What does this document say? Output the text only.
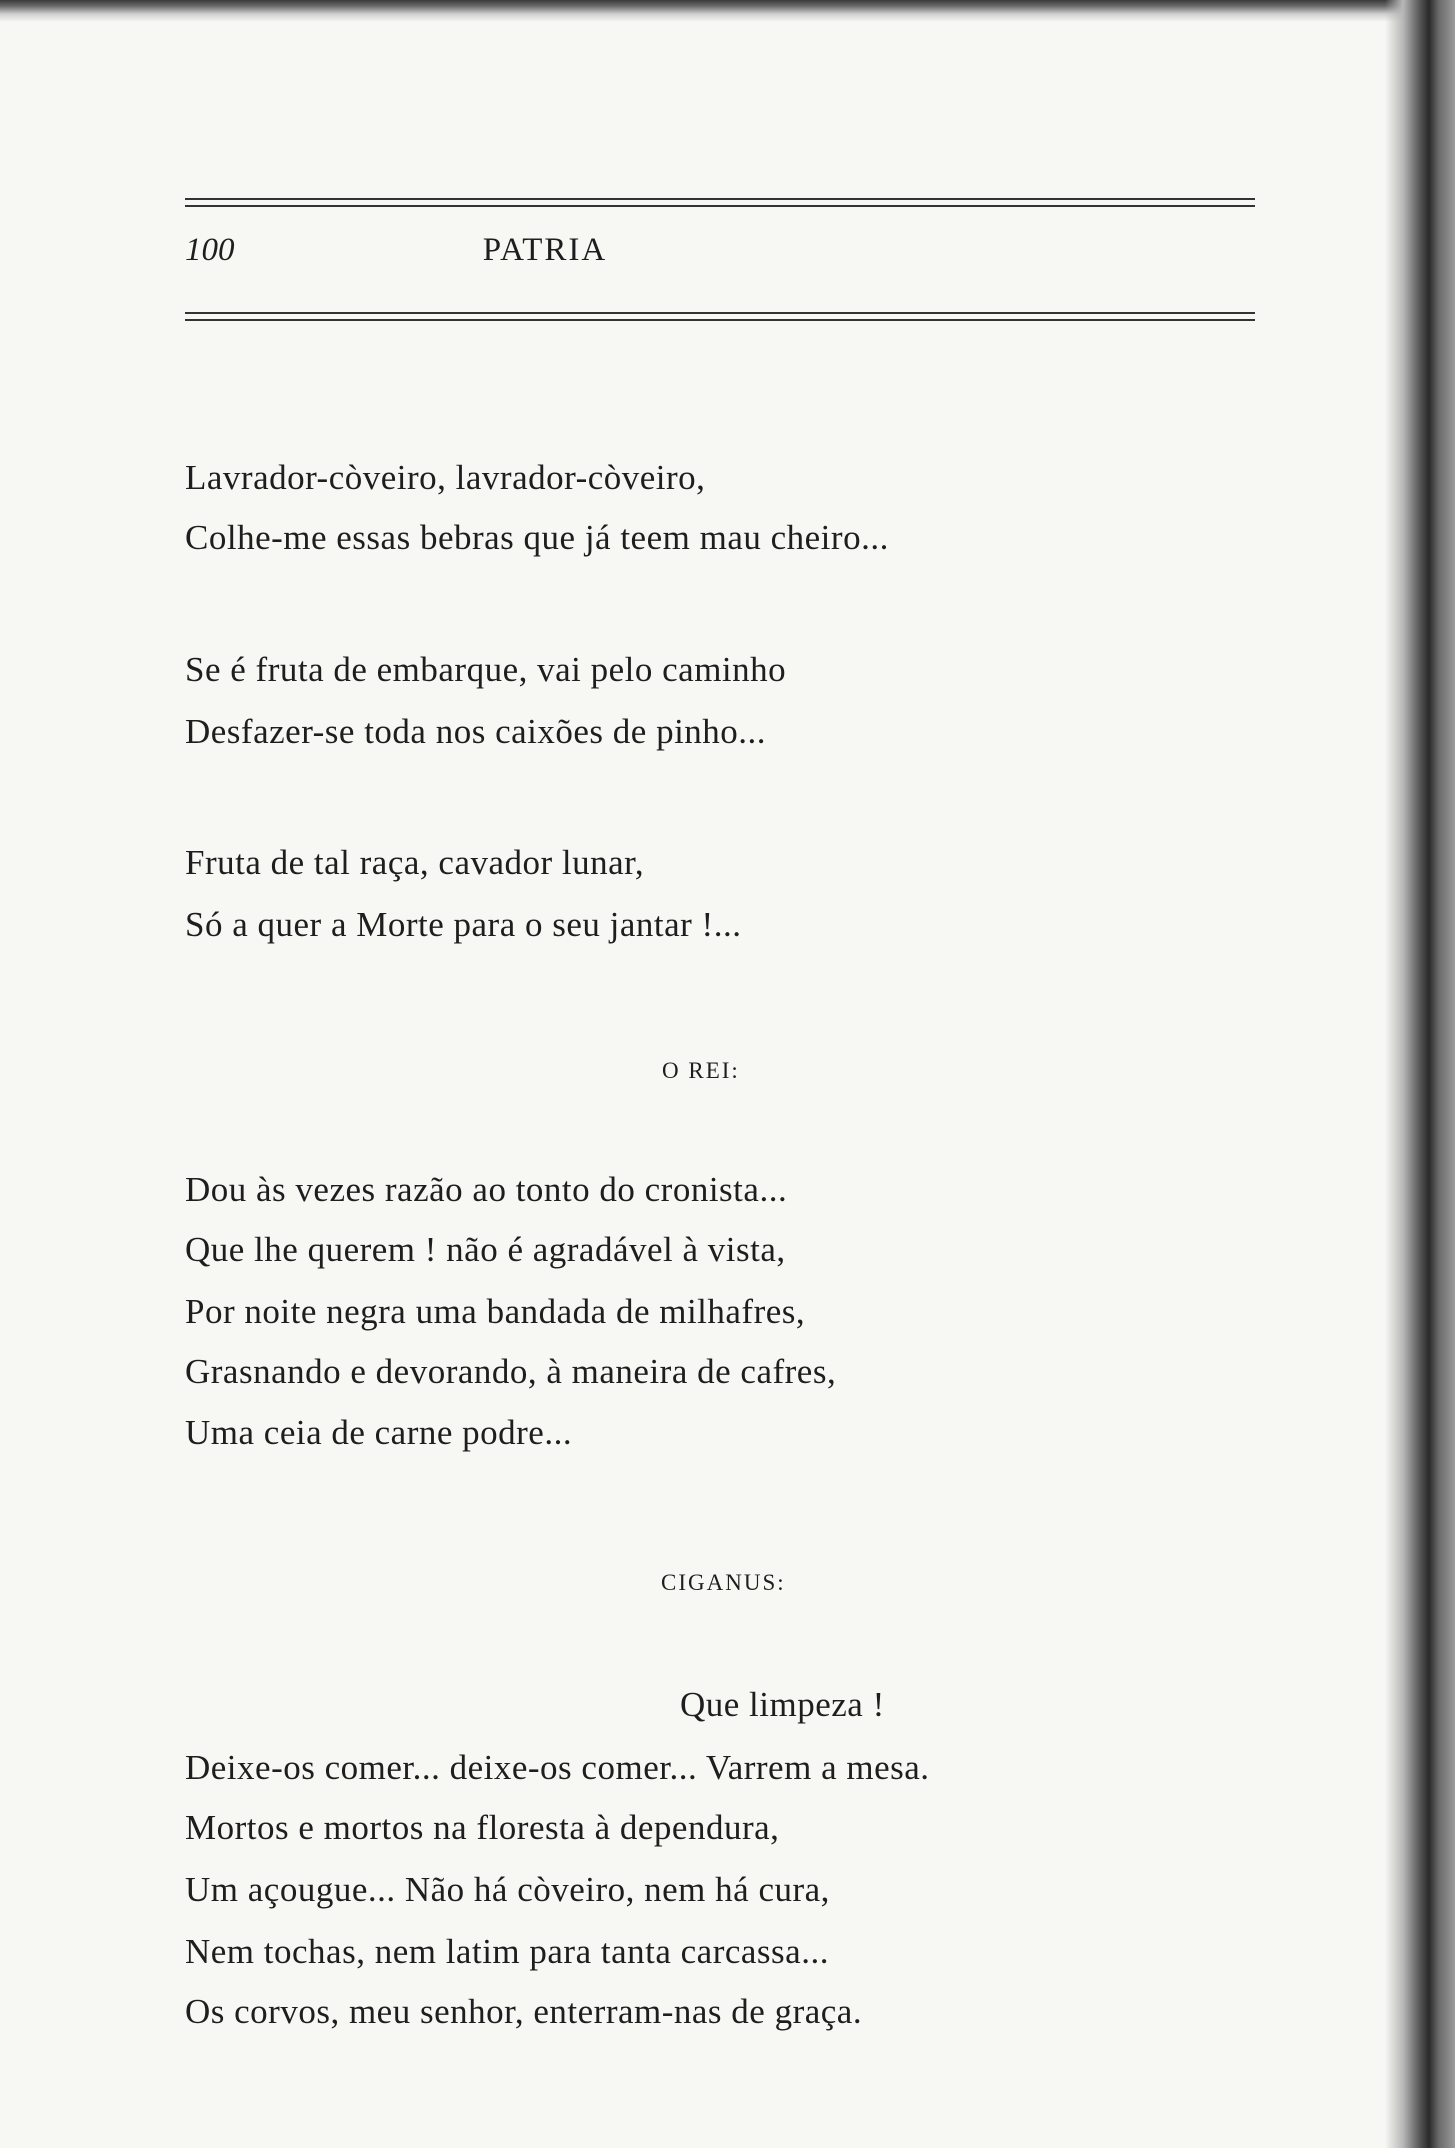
100	PATRIA
Lavrador-còveiro, lavrador-còveiro,
Colhe-me essas bebras que já teem mau cheiro...
Se é fruta de embarque, vai pelo caminho
Desfazer-se toda nos caixões de pinho...
Fruta de tal raça, cavador lunar,
Só a quer a Morte para o seu jantar !...
O REI:
Dou às vezes razão ao tonto do cronista...
Que lhe querem ! não é agradável à vista,
Por noite negra uma bandada de milhafres,
Grasnando e devorando, à maneira de cafres,
Uma ceia de carne podre...
CIGANUS:
Que limpeza !
Deixe-os comer... deixe-os comer... Varrem a mesa.
Mortos e mortos na floresta à dependura,
Um açougue... Não há còveiro, nem há cura,
Nem tochas, nem latim para tanta carcassa...
Os corvos, meu senhor, enterram-nas de graça.
